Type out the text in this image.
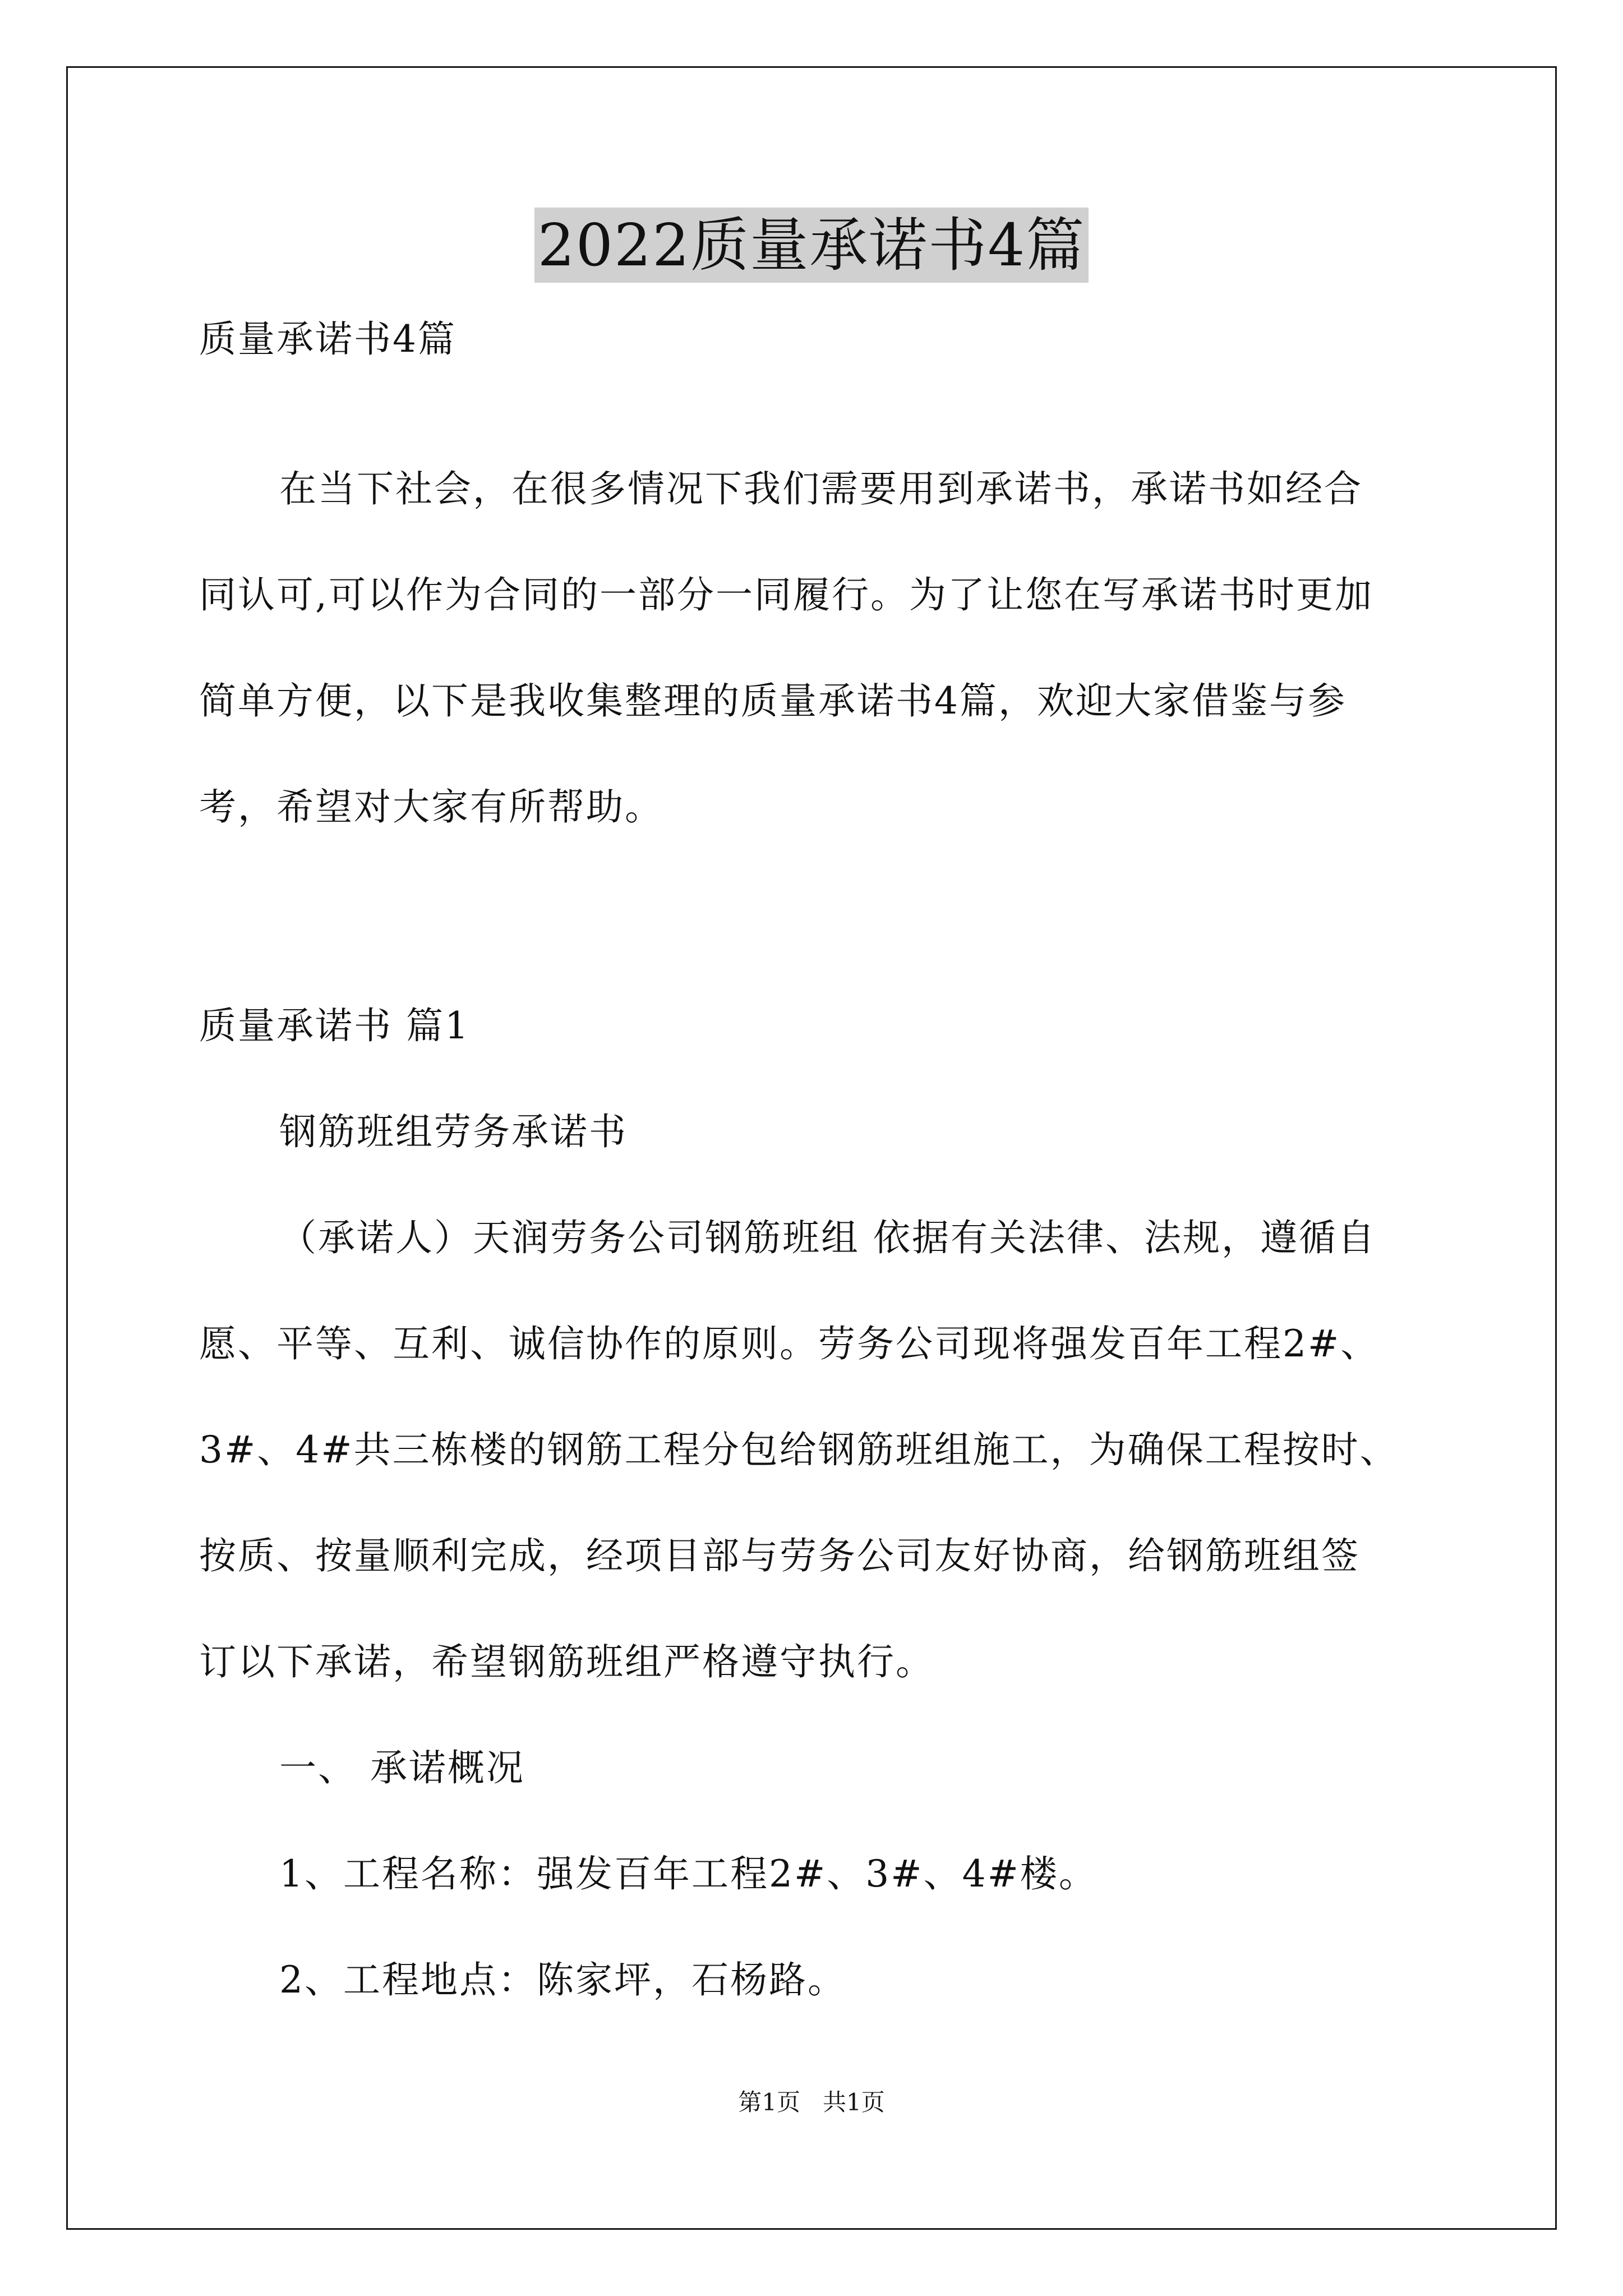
2022质量承诺书4篇
质量承诺书4篇
在当下社会，在很多情况下我们需要用到承诺书，承诺书如经合
同认可,可以作为合同的一部分一同履行。为了让您在写承诺书时更加
简单方便，以下是我收集整理的质量承诺书4篇，欢迎大家借鉴与参
考，希望对大家有所帮助。
质量承诺书 篇1
钢筋班组劳务承诺书
（承诺人）天润劳务公司钢筋班组 依据有关法律、法规，遵循自
愿、平等、互利、诚信协作的原则。劳务公司现将强发百年工程2#、
3#、4#共三栋楼的钢筋工程分包给钢筋班组施工，为确保工程按时、
按质、按量顺利完成，经项目部与劳务公司友好协商，给钢筋班组签
订以下承诺，希望钢筋班组严格遵守执行。
一、 承诺概况
1、工程名称：强发百年工程2#、3#、4#楼。
2、工程地点：陈家坪，石杨路。
第1页   共1页
